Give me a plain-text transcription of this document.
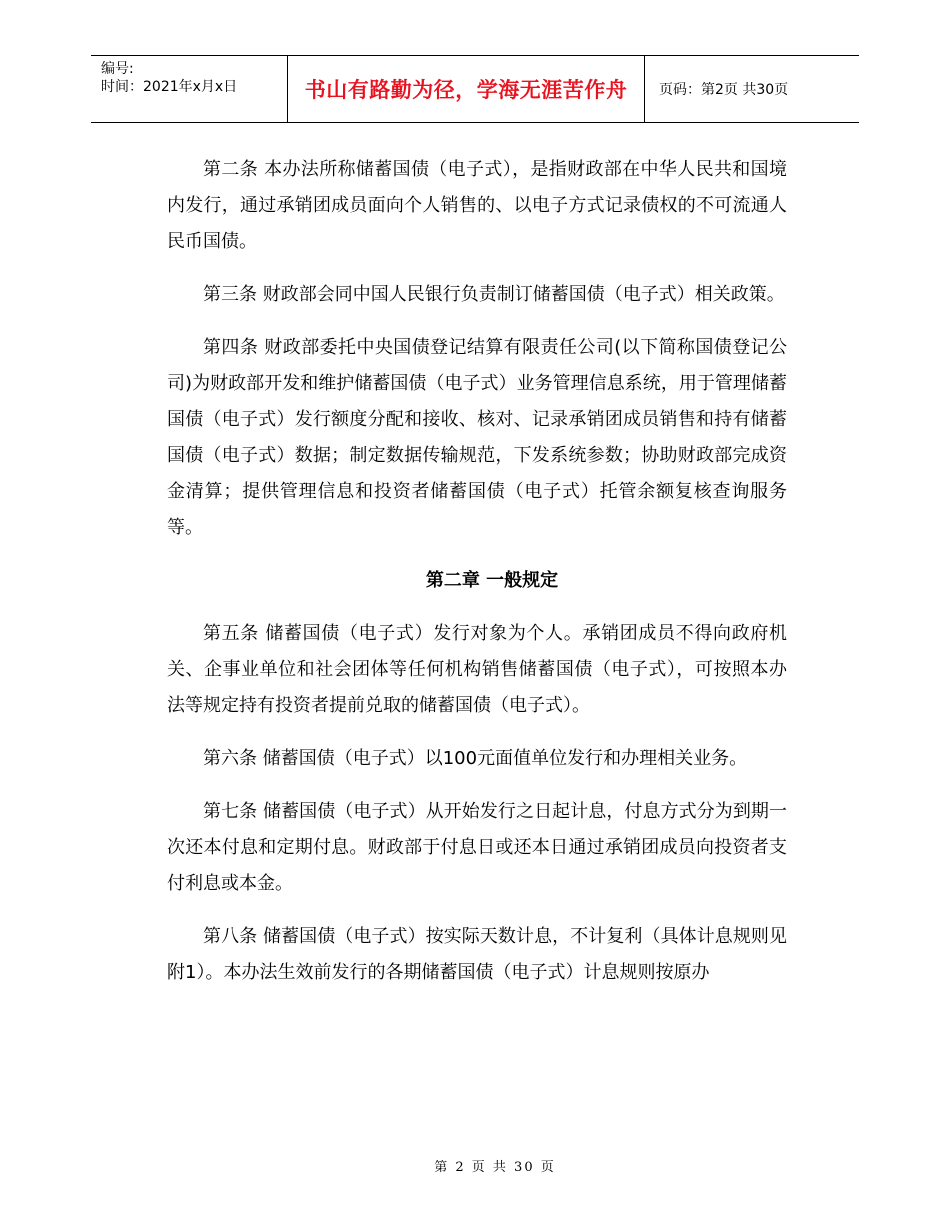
编号:
时间：2021年x月x日	书山有路勤为径，学海无涯苦作舟	页码：第2页 共30页

第二条 本办法所称储蓄国债（电子式），是指财政部在中华人民共和国境内发行，通过承销团成员面向个人销售的、以电子方式记录债权的不可流通人民币国债。

第三条 财政部会同中国人民银行负责制订储蓄国债（电子式）相关政策。

第四条 财政部委托中央国债登记结算有限责任公司(以下简称国债登记公司)为财政部开发和维护储蓄国债（电子式）业务管理信息系统，用于管理储蓄国债（电子式）发行额度分配和接收、核对、记录承销团成员销售和持有储蓄国债（电子式）数据；制定数据传输规范，下发系统参数；协助财政部完成资金清算；提供管理信息和投资者储蓄国债（电子式）托管余额复核查询服务等。

第二章 一般规定

第五条 储蓄国债（电子式）发行对象为个人。承销团成员不得向政府机关、企事业单位和社会团体等任何机构销售储蓄国债（电子式），可按照本办法等规定持有投资者提前兑取的储蓄国债（电子式）。

第六条 储蓄国债（电子式）以100元面值单位发行和办理相关业务。

第七条 储蓄国债（电子式）从开始发行之日起计息，付息方式分为到期一次还本付息和定期付息。财政部于付息日或还本日通过承销团成员向投资者支付利息或本金。

第八条 储蓄国债（电子式）按实际天数计息，不计复利（具体计息规则见附1）。本办法生效前发行的各期储蓄国债（电子式）计息规则按原办

第 2 页 共 30 页
